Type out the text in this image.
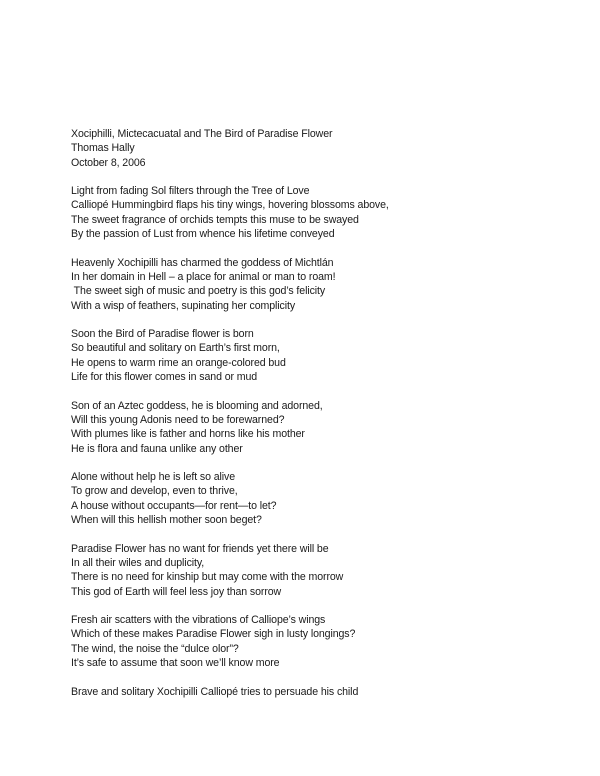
Xociphilli, Mictecacuatal and The Bird of Paradise Flower
Thomas Hally
October 8, 2006
Light from fading Sol filters through the Tree of Love
Calliopé Hummingbird flaps his tiny wings, hovering blossoms above,
The sweet fragrance of orchids tempts this muse to be swayed
By the passion of Lust from whence his lifetime conveyed
Heavenly Xochipilli has charmed the goddess of Michtlán
In her domain in Hell – a place for animal or man to roam!
The sweet sigh of music and poetry is this god’s felicity
With a wisp of feathers, supinating her complicity
Soon the Bird of Paradise flower is born
So beautiful and solitary on Earth’s first morn,
He opens to warm rime an orange-colored bud
Life for this flower comes in sand or mud
Son of an Aztec goddess, he is blooming and adorned,
Will this young Adonis need to be forewarned?
With plumes like is father and horns like his mother
He is flora and fauna unlike any other
Alone without help he is left so alive
To grow and develop, even to thrive,
A house without occupants—for rent—to let?
When will this hellish mother soon beget?
Paradise Flower has no want for friends yet there will be
In all their wiles and duplicity,
There is no need for kinship but may come with the morrow
This god of Earth will feel less joy than sorrow
Fresh air scatters with the vibrations of Calliope’s wings
Which of these makes Paradise Flower sigh in lusty longings?
The wind, the noise the “dulce olor”?
It’s safe to assume that soon we’ll know more
Brave and solitary Xochipilli Calliopé tries to persuade his child
